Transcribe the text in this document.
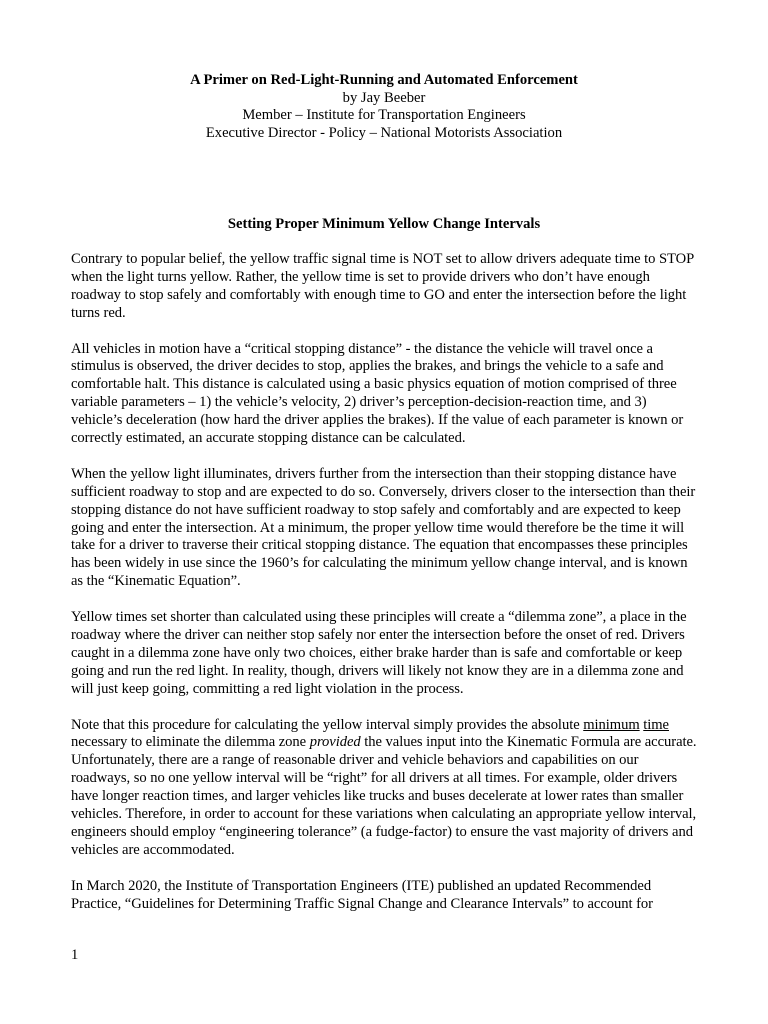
A Primer on Red-Light-Running and Automated Enforcement
by Jay Beeber
Member – Institute for Transportation Engineers
Executive Director - Policy – National Motorists Association
Setting Proper Minimum Yellow Change Intervals

Contrary to popular belief, the yellow traffic signal time is NOT set to allow drivers adequate time to STOP when the light turns yellow. Rather, the yellow time is set to provide drivers who don’t have enough roadway to stop safely and comfortably with enough time to GO and enter the intersection before the light turns red.

All vehicles in motion have a “critical stopping distance” - the distance the vehicle will travel once a stimulus is observed, the driver decides to stop, applies the brakes, and brings the vehicle to a safe and comfortable halt. This distance is calculated using a basic physics equation of motion comprised of three variable parameters – 1) the vehicle’s velocity, 2) driver’s perception-decision-reaction time, and 3) vehicle’s deceleration (how hard the driver applies the brakes). If the value of each parameter is known or correctly estimated, an accurate stopping distance can be calculated.

When the yellow light illuminates, drivers further from the intersection than their stopping distance have sufficient roadway to stop and are expected to do so. Conversely, drivers closer to the intersection than their stopping distance do not have sufficient roadway to stop safely and comfortably and are expected to keep going and enter the intersection. At a minimum, the proper yellow time would therefore be the time it will take for a driver to traverse their critical stopping distance. The equation that encompasses these principles has been widely in use since the 1960’s for calculating the minimum yellow change interval, and is known as the “Kinematic Equation”.

Yellow times set shorter than calculated using these principles will create a “dilemma zone”, a place in the roadway where the driver can neither stop safely nor enter the intersection before the onset of red. Drivers caught in a dilemma zone have only two choices, either brake harder than is safe and comfortable or keep going and run the red light. In reality, though, drivers will likely not know they are in a dilemma zone and will just keep going, committing a red light violation in the process.

Note that this procedure for calculating the yellow interval simply provides the absolute minimum time necessary to eliminate the dilemma zone provided the values input into the Kinematic Formula are accurate. Unfortunately, there are a range of reasonable driver and vehicle behaviors and capabilities on our roadways, so no one yellow interval will be “right” for all drivers at all times. For example, older drivers have longer reaction times, and larger vehicles like trucks and buses decelerate at lower rates than smaller vehicles. Therefore, in order to account for these variations when calculating an appropriate yellow interval, engineers should employ “engineering tolerance” (a fudge-factor) to ensure the vast majority of drivers and vehicles are accommodated.

In March 2020, the Institute of Transportation Engineers (ITE) published an updated Recommended Practice, “Guidelines for Determining Traffic Signal Change and Clearance Intervals” to account for

1
